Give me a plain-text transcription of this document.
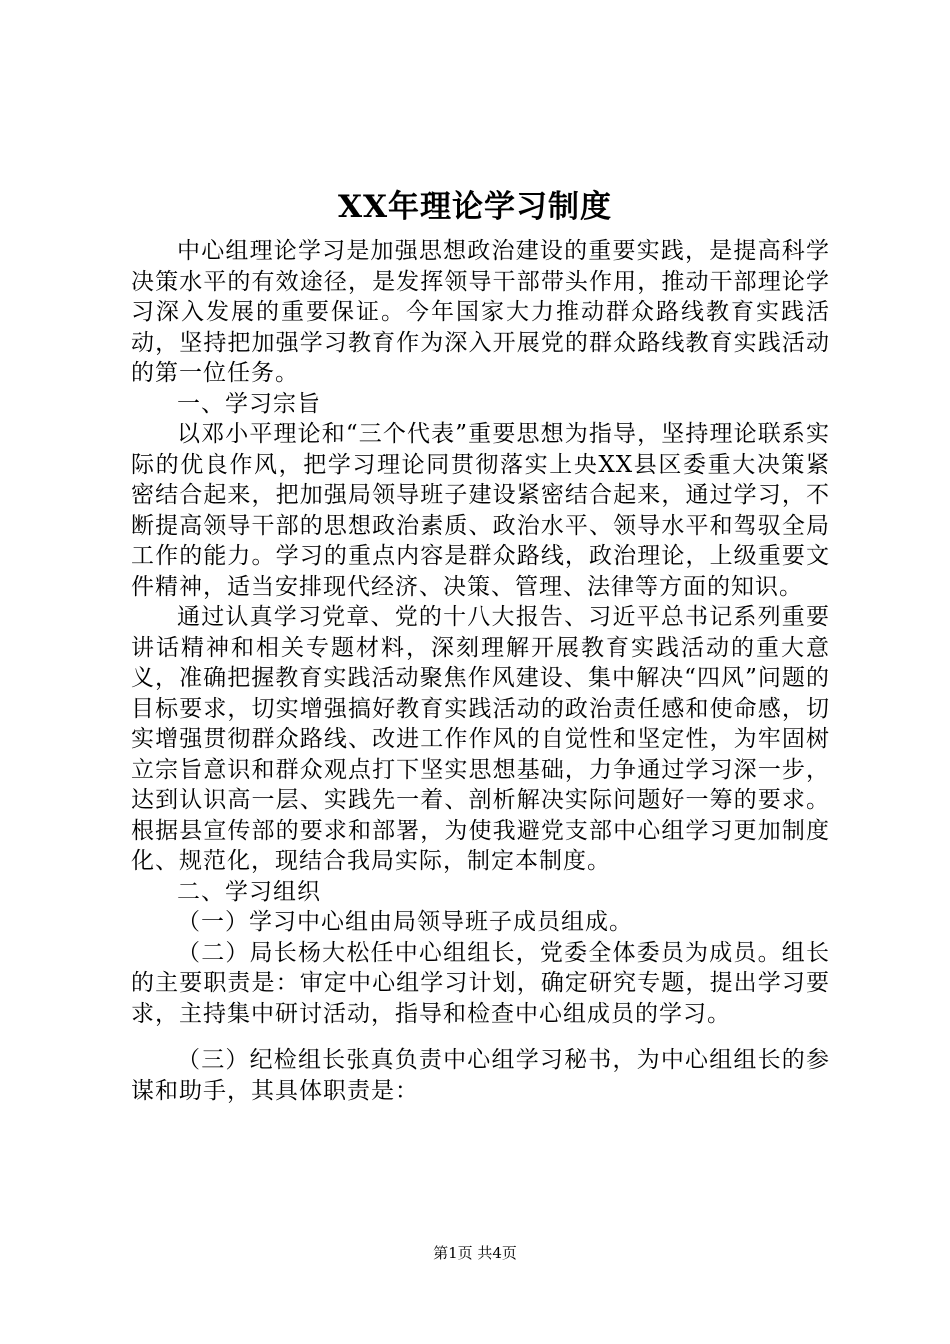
XX年理论学习制度

中心组理论学习是加强思想政治建设的重要实践，是提高科学决策水平的有效途径，是发挥领导干部带头作用，推动干部理论学习深入发展的重要保证。今年国家大力推动群众路线教育实践活动，坚持把加强学习教育作为深入开展党的群众路线教育实践活动的第一位任务。

一、学习宗旨

以邓小平理论和“三个代表”重要思想为指导，坚持理论联系实际的优良作风，把学习理论同贯彻落实上央XX县区委重大决策紧密结合起来，把加强局领导班子建设紧密结合起来，通过学习，不断提高领导干部的思想政治素质、政治水平、领导水平和驾驭全局工作的能力。学习的重点内容是群众路线，政治理论，上级重要文件精神，适当安排现代经济、决策、管理、法律等方面的知识。

通过认真学习党章、党的十八大报告、习近平总书记系列重要讲话精神和相关专题材料，深刻理解开展教育实践活动的重大意义，准确把握教育实践活动聚焦作风建设、集中解决“四风”问题的目标要求，切实增强搞好教育实践活动的政治责任感和使命感，切实增强贯彻群众路线、改进工作作风的自觉性和坚定性，为牢固树立宗旨意识和群众观点打下坚实思想基础，力争通过学习深一步，达到认识高一层、实践先一着、剖析解决实际问题好一筹的要求。根据县宣传部的要求和部署，为使我避党支部中心组学习更加制度化、规范化，现结合我局实际，制定本制度。

二、学习组织

（一）学习中心组由局领导班子成员组成。

（二）局长杨大松任中心组组长，党委全体委员为成员。组长的主要职责是：审定中心组学习计划，确定研究专题，提出学习要求，主持集中研讨活动，指导和检查中心组成员的学习。

（三）纪检组长张真负责中心组学习秘书，为中心组组长的参谋和助手，其具体职责是：

第1页 共4页
